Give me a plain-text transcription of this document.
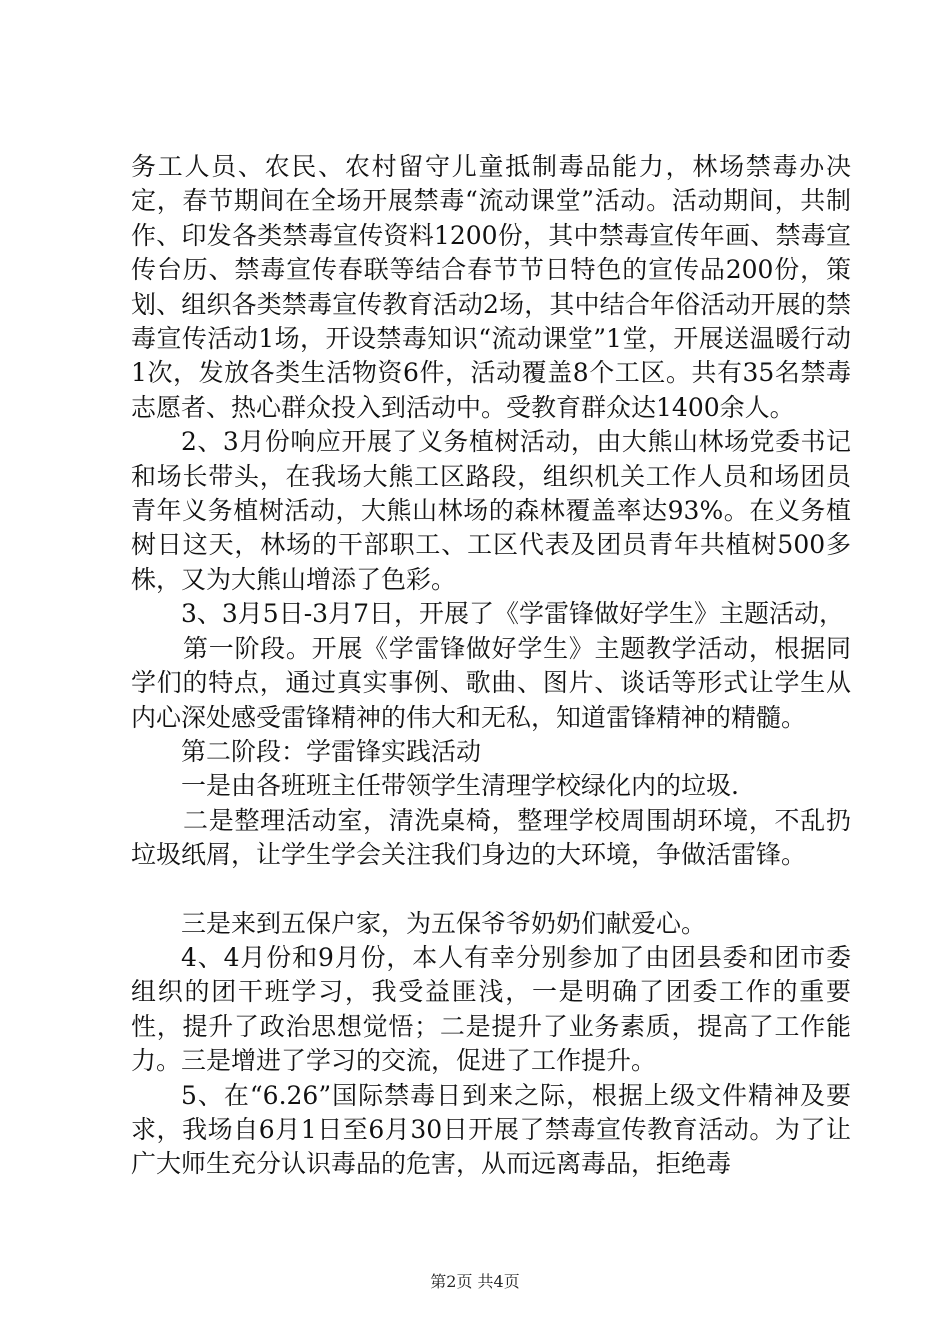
务工人员、农民、农村留守儿童抵制毒品能力，林场禁毒办决定，春节期间在全场开展禁毒“流动课堂”活动。活动期间，共制作、印发各类禁毒宣传资料1200份，其中禁毒宣传年画、禁毒宣传台历、禁毒宣传春联等结合春节节日特色的宣传品200份，策划、组织各类禁毒宣传教育活动2场，其中结合年俗活动开展的禁毒宣传活动1场，开设禁毒知识“流动课堂”1堂，开展送温暖行动1次，发放各类生活物资6件，活动覆盖8个工区。共有35名禁毒志愿者、热心群众投入到活动中。受教育群众达1400余人。

2、3月份响应开展了义务植树活动，由大熊山林场党委书记和场长带头，在我场大熊工区路段，组织机关工作人员和场团员青年义务植树活动，大熊山林场的森林覆盖率达93%。在义务植树日这天，林场的干部职工、工区代表及团员青年共植树500多株，又为大熊山增添了色彩。

3、3月5日-3月7日，开展了《学雷锋做好学生》主题活动，

第一阶段。开展《学雷锋做好学生》主题教学活动，根据同学们的特点，通过真实事例、歌曲、图片、谈话等形式让学生从内心深处感受雷锋精神的伟大和无私，知道雷锋精神的精髓。

第二阶段：学雷锋实践活动

一是由各班班主任带领学生清理学校绿化内的垃圾.

二是整理活动室，清洗桌椅，整理学校周围胡环境，不乱扔垃圾纸屑，让学生学会关注我们身边的大环境，争做活雷锋。

三是来到五保户家，为五保爷爷奶奶们献爱心。

4、4月份和9月份，本人有幸分别参加了由团县委和团市委组织的团干班学习，我受益匪浅，一是明确了团委工作的重要性，提升了政治思想觉悟；二是提升了业务素质，提高了工作能力。三是增进了学习的交流，促进了工作提升。

5、在“6.26”国际禁毒日到来之际，根据上级文件精神及要求，我场自6月1日至6月30日开展了禁毒宣传教育活动。为了让广大师生充分认识毒品的危害，从而远离毒品，拒绝毒

第2页 共4页
